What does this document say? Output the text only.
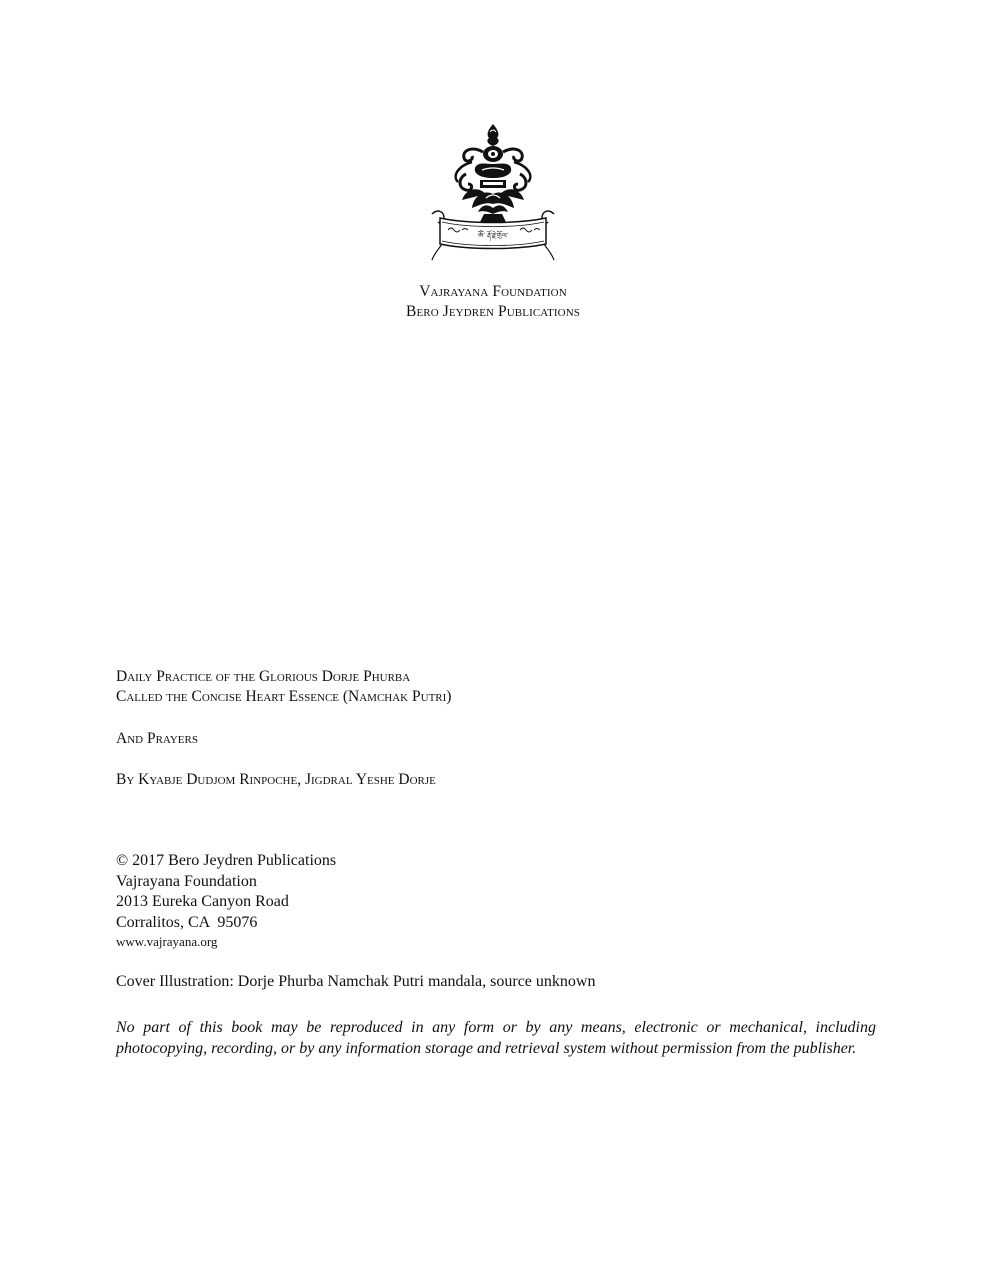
ཨོཾ་ རྡོ་རྗེ་གྲོལ་
Vajrayana Foundation
Bero Jeydren Publications
Daily Practice of the Glorious Dorje Phurba
Called the Concise Heart Essence (Namchak Putri)
And Prayers
By Kyabje Dudjom Rinpoche, Jigdral Yeshe Dorje
© 2017 Bero Jeydren Publications
Vajrayana Foundation
2013 Eureka Canyon Road
Corralitos, CA  95076
www.vajrayana.org
Cover Illustration: Dorje Phurba Namchak Putri mandala, source unknown
No part of this book may be reproduced in any form or by any means, electronic or mechanical, including photocopying, recording, or by any information storage and retrieval system without permission from the publisher.
